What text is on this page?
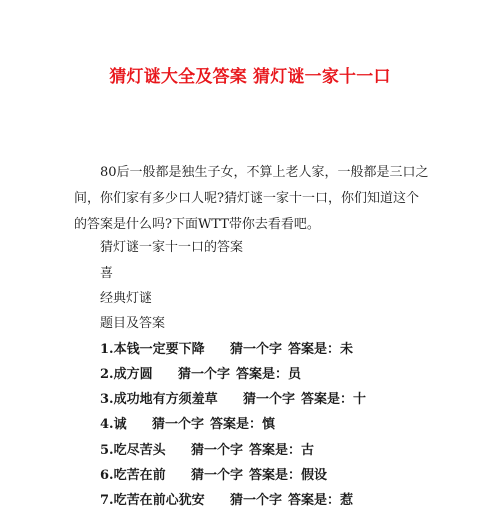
猜灯谜大全及答案 猜灯谜一家十一口

80后一般都是独生子女，不算上老人家，一般都是三口之间，你们家有多少口人呢?猜灯谜一家十一口，你们知道这个的答案是什么吗?下面WTT带你去看看吧。

猜灯谜一家十一口的答案

喜

经典灯谜

题目及答案

1.本钱一定要下降 猜一个字 答案是：未

2.成方圆 猜一个字 答案是：员

3.成功地有方须羞草 猜一个字 答案是：十

4.诚 猜一个字 答案是：慎

5.吃尽苦头 猜一个字 答案是：古

6.吃苦在前 猜一个字 答案是：假设

7.吃苦在前心犹安 猜一个字 答案是：惹
